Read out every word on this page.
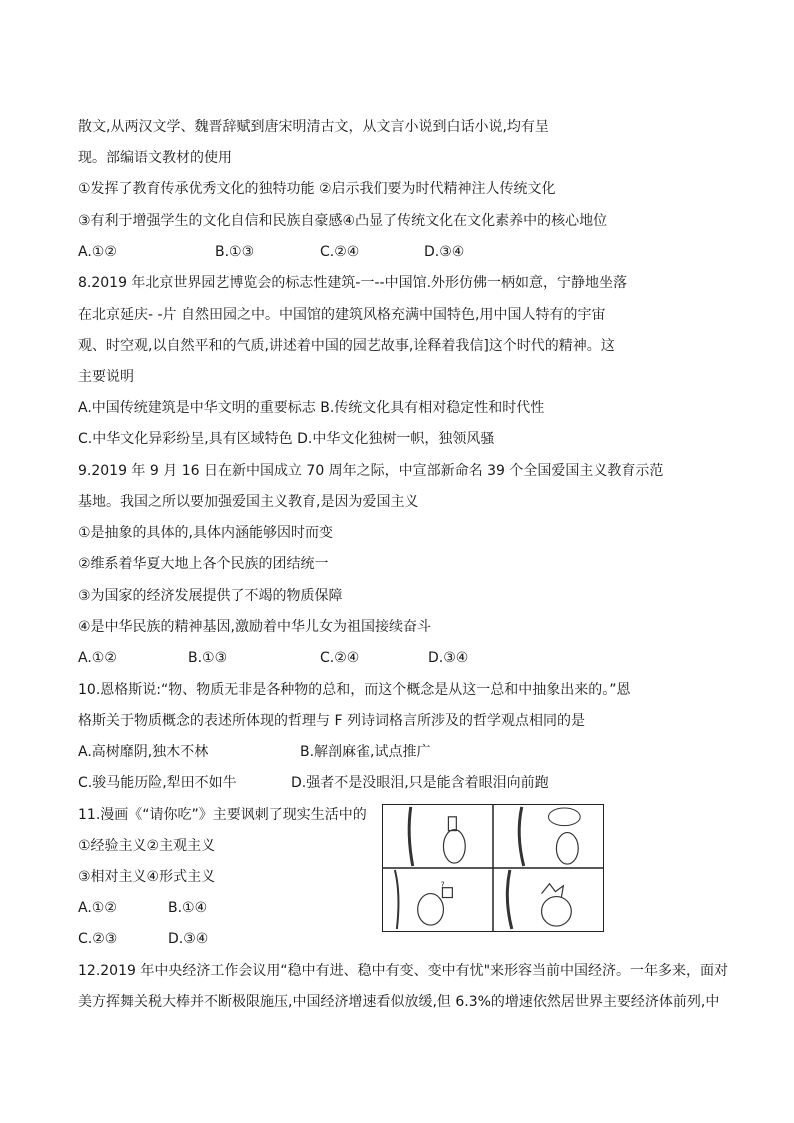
散文,从两汉文学、魏晋辞赋到唐宋明清古文，从文言小说到白话小说,均有呈
现。部编语文教材的使用
①发挥了教育传承优秀文化的独特功能 ②启示我们要为时代精神注人传统文化
③有利于增强学生的文化自信和民族自豪感④凸显了传统文化在文化素养中的核心地位
A.①②	B.①③	C.②④	D.③④
8.2019 年北京世界园艺博览会的标志性建筑-一--中国馆.外形仿佛一柄如意，宁静地坐落
在北京延庆- -片 自然田园之中。中国馆的建筑风格充满中国特色,用中国人特有的宇宙
观、时空观,以自然平和的气质,讲述着中国的园艺故事,诠释着我信]这个时代的精神。这
主要说明
A.中国传统建筑是中华文明的重要标志 B.传统文化具有相对稳定性和时代性
C.中华文化异彩纷呈,具有区域特色 D.中华文化独树一帜，独领风骚
9.2019 年 9 月 16 日在新中国成立 70 周年之际，中宣部新命名 39 个全国爱国主义教育示范
基地。我国之所以要加强爱国主义教育,是因为爱国主义
①是抽象的具体的,具体内涵能够因时而变
②维系着华夏大地上各个民族的团结统一
③为国家的经济发展提供了不竭的物质保障
④是中华民族的精神基因,激励着中华儿女为祖国接续奋斗
A.①②	B.①③	C.②④	D.③④
10.恩格斯说:“物、物质无非是各种物的总和，而这个概念是从这一总和中抽象出来的。”恩
格斯关于物质概念的表述所体现的哲理与 F 列诗词格言所涉及的哲学观点相同的是
A.高树靡阴,独木不林	B.解剖麻雀,试点推广
C.骏马能历险,犁田不如牛	D.强者不是没眼泪,只是能含着眼泪向前跑
11.漫画《“请你吃”》主要讽刺了现实生活中的
①经验主义②主观主义
③相对主义④形式主义
A.①②	B.①④
C.②③	D.③④
?
12.2019 年中央经济工作会议用“稳中有进、稳中有变、变中有忧"来形容当前中国经济。一年多来，面对
美方挥舞关税大棒并不断极限施压,中国经济增速看似放缓,但 6.3%的增速依然居世界主要经济体前列,中
